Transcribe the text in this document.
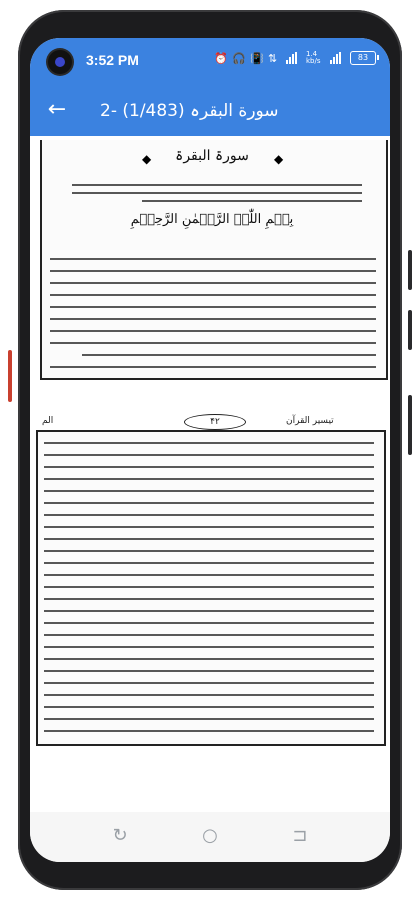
3:52 PM	⏰ 🎧 📳 ⇅	1.4 kb/s	83
← 2- سورة البقرہ (1/483)
سورۃ البقرۃ
◆	◆
بِسۡمِ اللّٰہِ الرَّحۡمٰنِ الرَّحِیۡمِ
تیسیر القرآن
۴۲
الم
↻	○	⊐
